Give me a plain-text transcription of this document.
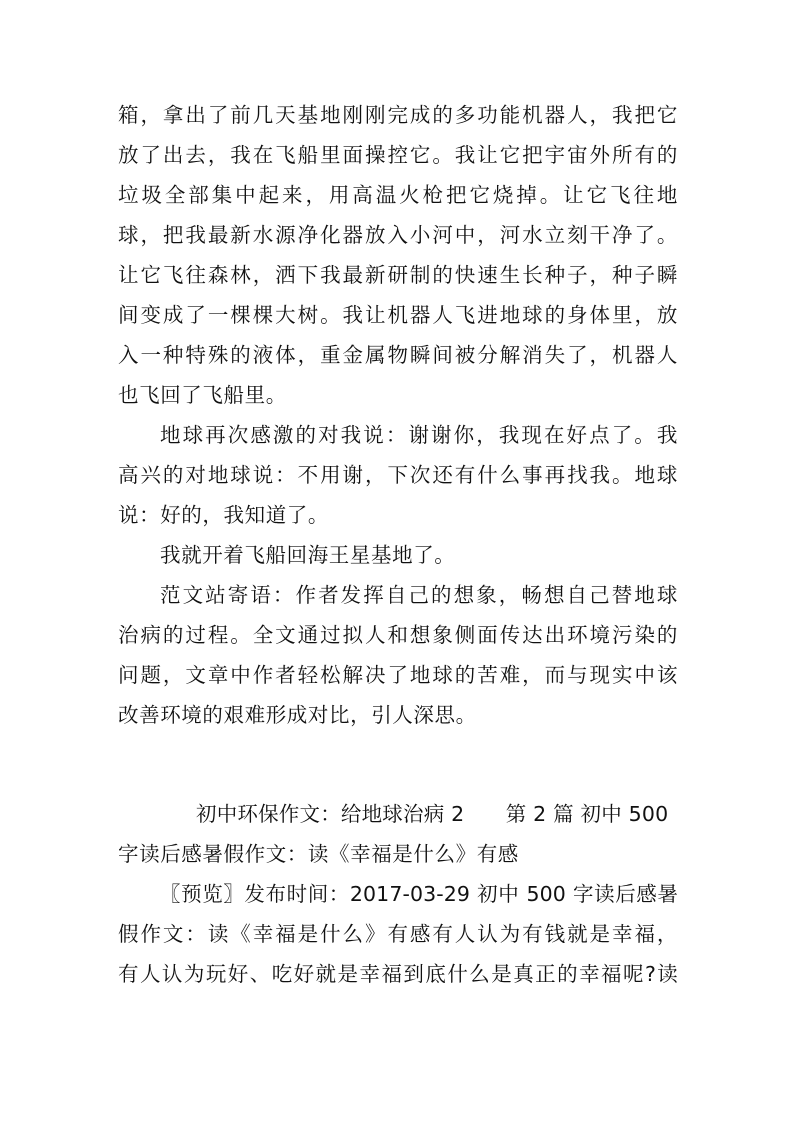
箱，拿出了前几天基地刚刚完成的多功能机器人，我把它
放了出去，我在飞船里面操控它。我让它把宇宙外所有的
垃圾全部集中起来，用高温火枪把它烧掉。让它飞往地
球，把我最新水源净化器放入小河中，河水立刻干净了。
让它飞往森林，洒下我最新研制的快速生长种子，种子瞬
间变成了一棵棵大树。我让机器人飞进地球的身体里，放
入一种特殊的液体，重金属物瞬间被分解消失了，机器人
也飞回了飞船里。
地球再次感激的对我说：谢谢你，我现在好点了。我
高兴的对地球说：不用谢，下次还有什么事再找我。地球
说：好的，我知道了。
我就开着飞船回海王星基地了。
范文站寄语：作者发挥自己的想象，畅想自己替地球
治病的过程。全文通过拟人和想象侧面传达出环境污染的
问题，文章中作者轻松解决了地球的苦难，而与现实中该
改善环境的艰难形成对比，引人深思。
初中环保作文：给地球治病 2　　第 2 篇 初中 500
字读后感暑假作文：读《幸福是什么》有感
〖预览〗发布时间：2017-03-29 初中 500 字读后感暑
假作文：读《幸福是什么》有感有人认为有钱就是幸福，
有人认为玩好、吃好就是幸福到底什么是真正的幸福呢?读
